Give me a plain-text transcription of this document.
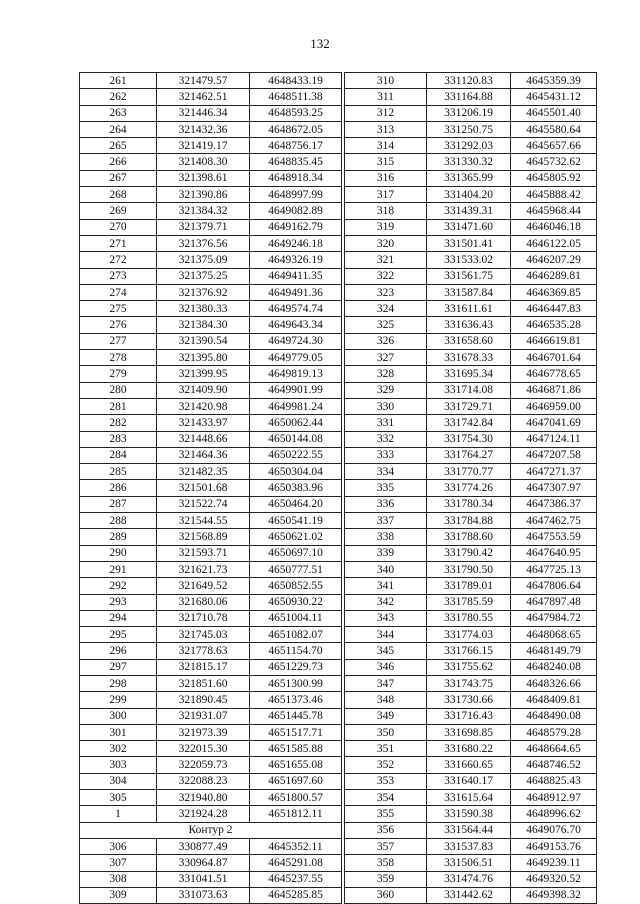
132
261	321479.57	4648433.19
262	321462.51	4648511.38
263	321446.34	4648593.25
264	321432.36	4648672.05
265	321419.17	4648756.17
266	321408.30	4648835.45
267	321398.61	4648918.34
268	321390.86	4648997.99
269	321384.32	4649082.89
270	321379.71	4649162.79
271	321376.56	4649246.18
272	321375.09	4649326.19
273	321375.25	4649411.35
274	321376.92	4649491.36
275	321380.33	4649574.74
276	321384.30	4649643.34
277	321390.54	4649724.30
278	321395.80	4649779.05
279	321399.95	4649819.13
280	321409.90	4649901.99
281	321420.98	4649981.24
282	321433.97	4650062.44
283	321448.66	4650144.08
284	321464.36	4650222.55
285	321482.35	4650304.04
286	321501.68	4650383.96
287	321522.74	4650464.20
288	321544.55	4650541.19
289	321568.89	4650621.02
290	321593.71	4650697.10
291	321621.73	4650777.51
292	321649.52	4650852.55
293	321680.06	4650930.22
294	321710.78	4651004.11
295	321745.03	4651082.07
296	321778.63	4651154.70
297	321815.17	4651229.73
298	321851.60	4651300.99
299	321890.45	4651373.46
300	321931.07	4651445.78
301	321973.39	4651517.71
302	322015.30	4651585.88
303	322059.73	4651655.08
304	322088.23	4651697.60
305	321940.80	4651800.57
1	321924.28	4651812.11
Контур 2		
306	330877.49	4645352.11
307	330964.87	4645291.08
308	331041.51	4645237.55
309	331073.63	4645285.85
310	331120.83	4645359.39
311	331164.88	4645431.12
312	331206.19	4645501.40
313	331250.75	4645580.64
314	331292.03	4645657.66
315	331330.32	4645732.62
316	331365.99	4645805.92
317	331404.20	4645888.42
318	331439.31	4645968.44
319	331471.60	4646046.18
320	331501.41	4646122.05
321	331533.02	4646207.29
322	331561.75	4646289.81
323	331587.84	4646369.85
324	331611.61	4646447.83
325	331636.43	4646535.28
326	331658.60	4646619.81
327	331678.33	4646701.64
328	331695.34	4646778.65
329	331714.08	4646871.86
330	331729.71	4646959.00
331	331742.84	4647041.69
332	331754.30	4647124.11
333	331764.27	4647207.58
334	331770.77	4647271.37
335	331774.26	4647307.97
336	331780.34	4647386.37
337	331784.88	4647462.75
338	331788.60	4647553.59
339	331790.42	4647640.95
340	331790.50	4647725.13
341	331789.01	4647806.64
342	331785.59	4647897.48
343	331780.55	4647984.72
344	331774.03	4648068.65
345	331766.15	4648149.79
346	331755.62	4648240.08
347	331743.75	4648326.66
348	331730.66	4648409.81
349	331716.43	4648490.08
350	331698.85	4648579.28
351	331680.22	4648664.65
352	331660.65	4648746.52
353	331640.17	4648825.43
354	331615.64	4648912.97
355	331590.38	4648996.62
356	331564.44	4649076.70
357	331537.83	4649153.76
358	331506.51	4649239.11
359	331474.76	4649320.52
360	331442.62	4649398.32
